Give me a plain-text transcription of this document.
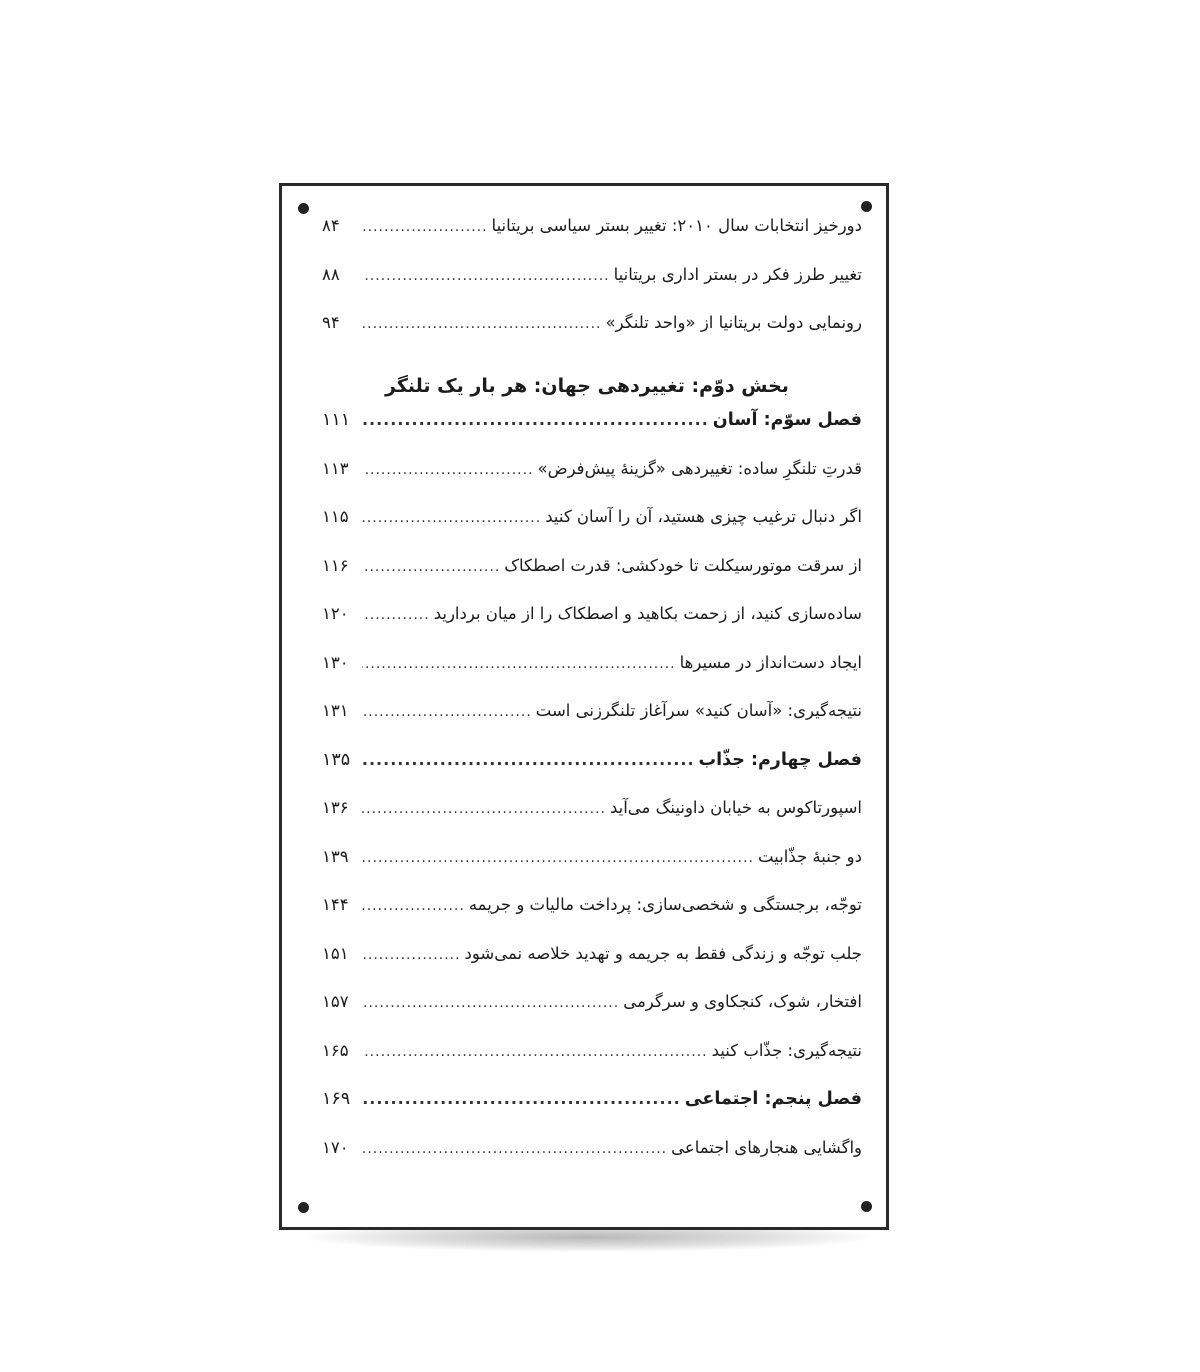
دورخیز انتخابات سال ۲۰۱۰: تغییر بستر سیاسی بریتانیا
.....
۸۴
تغییر طرز فکر در بستر اداری بریتانیا
.....
۸۸
رونمایی دولت بریتانیا از «واحد تلنگر»
.....
۹۴
بخش دوّم: تغییردهی جهان: هر بار یک تلنگر
فصل سوّم: آسان
.....
۱۱۱
قدرتِ تلنگرِ ساده: تغییردهی «گزینهٔ پیش‌فرض»
.....
۱۱۳
اگر دنبال ترغیب چیزی هستید، آن را آسان کنید
.....
۱۱۵
از سرقت موتورسیکلت تا خودکشی: قدرت اصطکاک
.....
۱۱۶
ساده‌سازی کنید، از زحمت بکاهید و اصطکاک را از میان بردارید
.....
۱۲۰
ایجاد دست‌انداز در مسیرها
.....
۱۳۰
نتیجه‌گیری: «آسان کنید» سرآغاز تلنگرزنی است
.....
۱۳۱
فصل چهارم: جذّاب
.....
۱۳۵
اسپورتاکوس به خیابان داونینگ می‌آید
.....
۱۳۶
دو جنبهٔ جذّابیت
.....
۱۳۹
توجّه، برجستگی و شخصی‌سازی: پرداخت مالیات و جریمه
.....
۱۴۴
جلب توجّه و زندگی فقط به جریمه و تهدید خلاصه نمی‌شود
.....
۱۵۱
افتخار، شوک، کنجکاوی و سرگرمی
.....
۱۵۷
نتیجه‌گیری: جذّاب کنید
.....
۱۶۵
فصل پنجم: اجتماعی
.....
۱۶۹
واگشایی هنجارهای اجتماعی
.....
۱۷۰
